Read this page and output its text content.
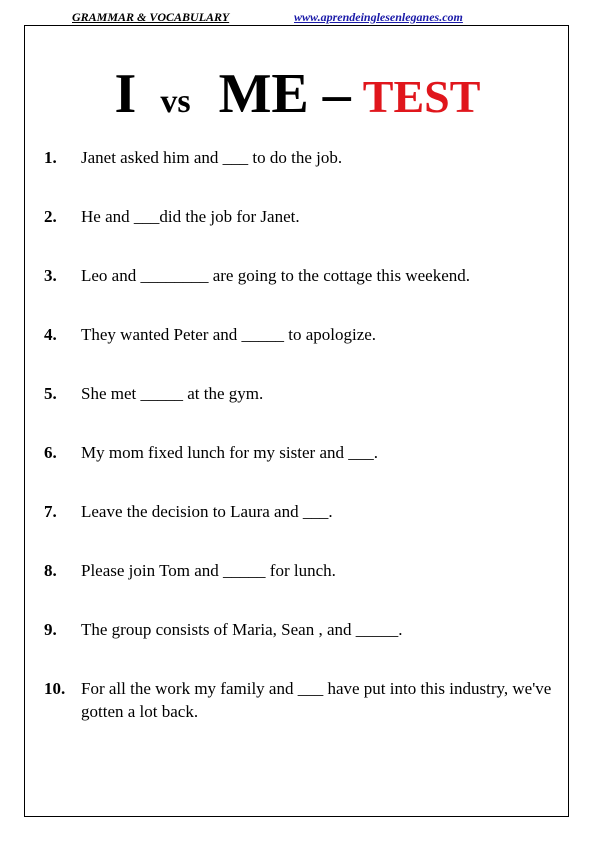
GRAMMAR & VOCABULARY	www.aprendeinglesenleganes.com
Ivs ME – TEST
1.	Janet asked him and ___ to do the job.
2.	He and ___did the job for Janet.
3.	Leo and ________ are going to the cottage this weekend.
4.	They wanted Peter and _____ to apologize.
5.	She met _____ at the gym.
6.	My mom fixed lunch for my sister and ___.
7.	Leave the decision to Laura and ___.
8.	Please join Tom and _____ for lunch.
9.	The group consists of Maria, Sean , and _____.
10. For all the work my family and ___ have put into this industry, we've gotten a lot back.
